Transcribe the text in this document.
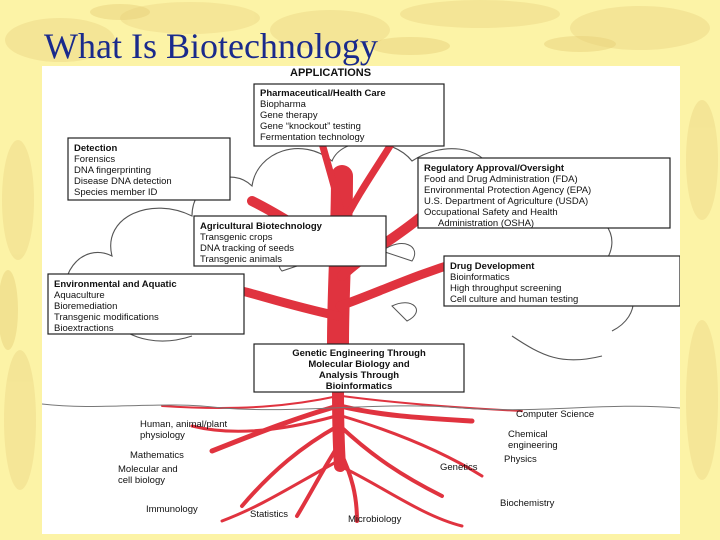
What Is Biotechnology
APPLICATIONS
Pharmaceutical/Health Care
Biopharma
Gene therapy
Gene “knockout” testing
Fermentation technology
Detection
Forensics
DNA fingerprinting
Disease DNA detection
Species member ID
Regulatory Approval/Oversight
Food and Drug Administration (FDA)
Environmental Protection Agency (EPA)
U.S. Department of Agriculture (USDA)
Occupational Safety and Health
Administration (OSHA)
Agricultural Biotechnology
Transgenic crops
DNA tracking of seeds
Transgenic animals
Drug Development
Bioinformatics
High throughput screening
Cell culture and human testing
Environmental and Aquatic
Aquaculture
Bioremediation
Transgenic modifications
Bioextractions
Genetic Engineering Through
Molecular Biology and
Analysis Through
Bioinformatics
Human, animal/plant
physiology
Mathematics
Molecular and
cell biology
Immunology	Statistics	Microbiology
Computer Science
Chemical
engineering
Physics
Genetics
Biochemistry
